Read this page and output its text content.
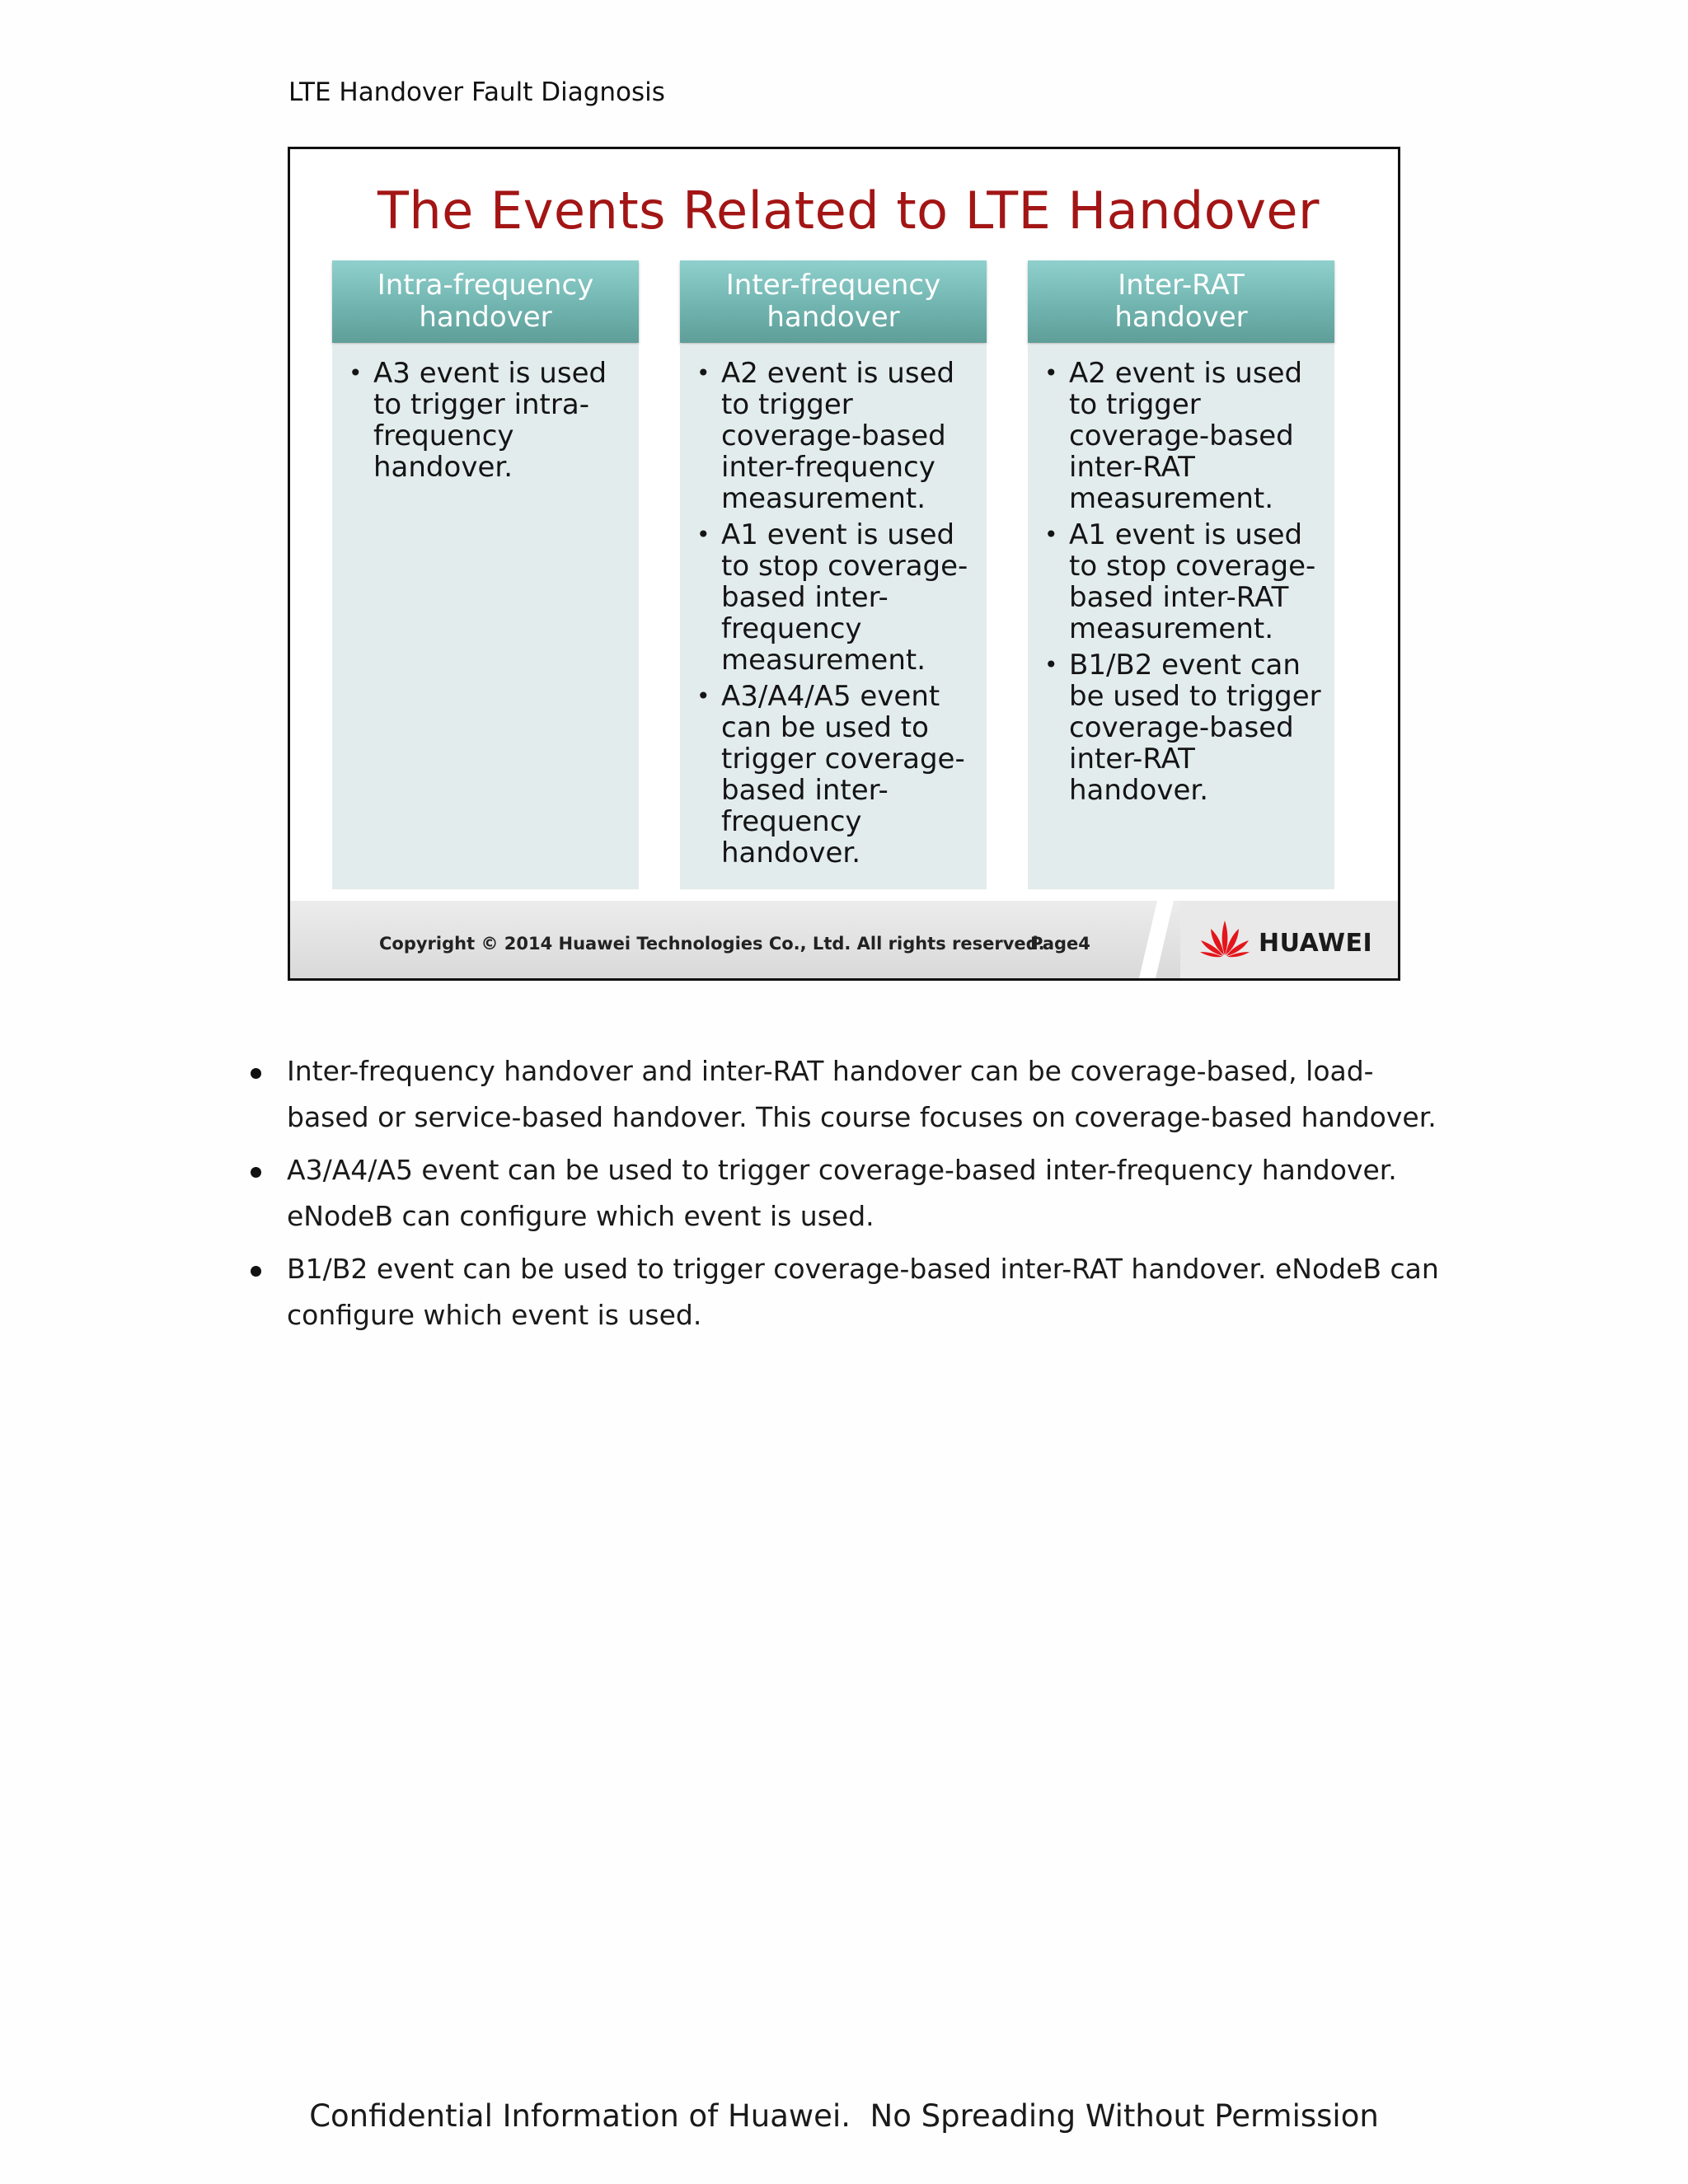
LTE Handover Fault Diagnosis
The Events Related to LTE Handover
Intra-frequency handover
• A3 event is used to trigger intra-frequency handover.
Inter-frequency handover
• A2 event is used to trigger coverage-based inter-frequency measurement.
• A1 event is used to stop coverage-based inter-frequency measurement.
• A3/A4/A5 event can be used to trigger coverage-based inter-frequency handover.
Inter-RAT handover
• A2 event is used to trigger coverage-based inter-RAT measurement.
• A1 event is used to stop coverage-based inter-RAT measurement.
• B1/B2 event can be used to trigger coverage-based inter-RAT handover.
Copyright © 2014 Huawei Technologies Co., Ltd. All rights reserved.
Page4	HUAWEI
Inter-frequency handover and inter-RAT handover can be coverage-based, load-based or service-based handover. This course focuses on coverage-based handover.
A3/A4/A5 event can be used to trigger coverage-based inter-frequency handover. eNodeB can configure which event is used.
B1/B2 event can be used to trigger coverage-based inter-RAT handover. eNodeB can configure which event is used.
Confidential Information of Huawei.  No Spreading Without Permission
